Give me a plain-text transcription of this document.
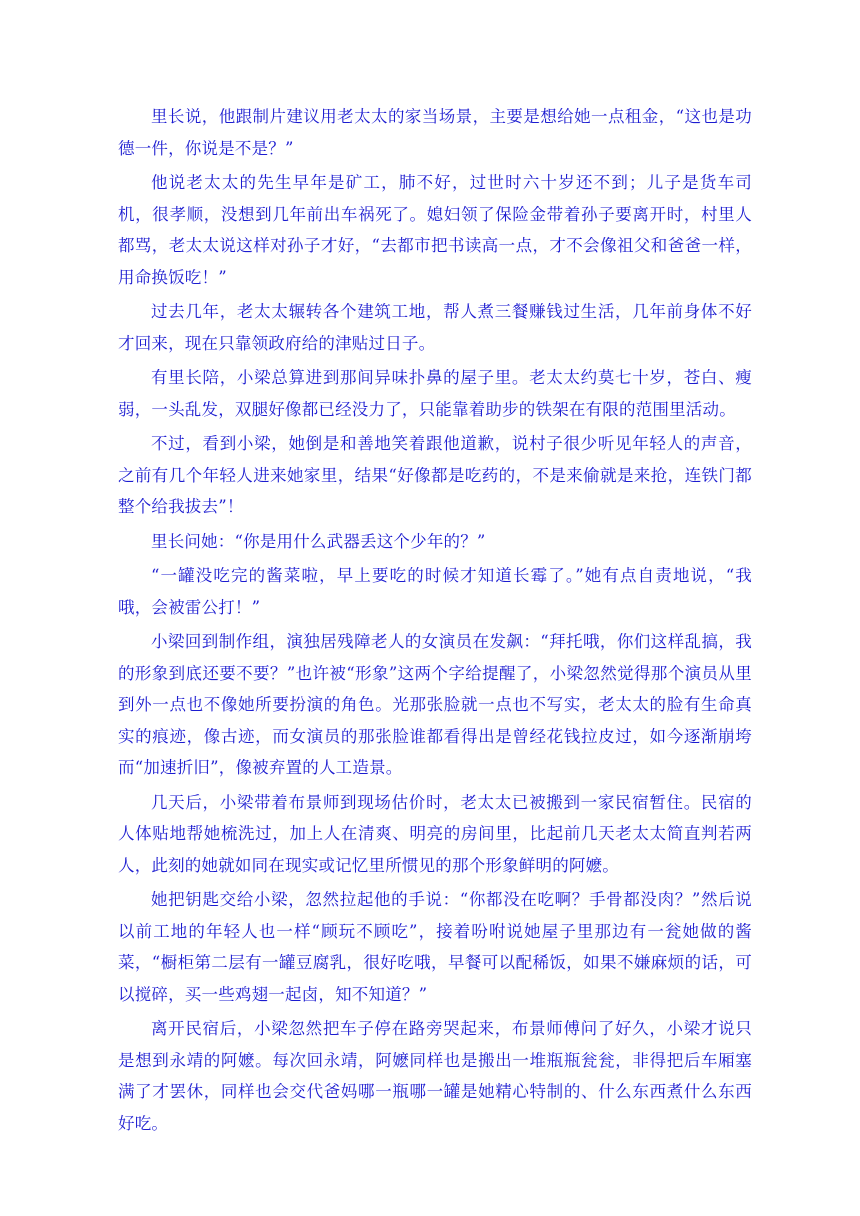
里长说，他跟制片建议用老太太的家当场景，主要是想给她一点租金，“这也是功德一件，你说是不是？”

他说老太太的先生早年是矿工，肺不好，过世时六十岁还不到；儿子是货车司机，很孝顺，没想到几年前出车祸死了。媳妇领了保险金带着孙子要离开时，村里人都骂，老太太说这样对孙子才好，“去都市把书读高一点，才不会像祖父和爸爸一样，用命换饭吃！”

过去几年，老太太辗转各个建筑工地，帮人煮三餐赚钱过生活，几年前身体不好才回来，现在只靠领政府给的津贴过日子。

有里长陪，小梁总算进到那间异味扑鼻的屋子里。老太太约莫七十岁，苍白、瘦弱，一头乱发，双腿好像都已经没力了，只能靠着助步的铁架在有限的范围里活动。

不过，看到小梁，她倒是和善地笑着跟他道歉，说村子很少听见年轻人的声音，之前有几个年轻人进来她家里，结果“好像都是吃药的，不是来偷就是来抢，连铁门都整个给我拔去”！

里长问她：“你是用什么武器丢这个少年的？”

“一罐没吃完的酱菜啦，早上要吃的时候才知道长霉了。”她有点自责地说，“我哦，会被雷公打！”

小梁回到制作组，演独居残障老人的女演员在发飙：“拜托哦，你们这样乱搞，我的形象到底还要不要？”也许被“形象”这两个字给提醒了，小梁忽然觉得那个演员从里到外一点也不像她所要扮演的角色。光那张脸就一点也不写实，老太太的脸有生命真实的痕迹，像古迹，而女演员的那张脸谁都看得出是曾经花钱拉皮过，如今逐渐崩垮而“加速折旧”，像被弃置的人工造景。

几天后，小梁带着布景师到现场估价时，老太太已被搬到一家民宿暂住。民宿的人体贴地帮她梳洗过，加上人在清爽、明亮的房间里，比起前几天老太太简直判若两人，此刻的她就如同在现实或记忆里所惯见的那个形象鲜明的阿嬷。

她把钥匙交给小梁，忽然拉起他的手说：“你都没在吃啊？手骨都没肉？”然后说以前工地的年轻人也一样“顾玩不顾吃”，接着吩咐说她屋子里那边有一瓮她做的酱菜，“橱柜第二层有一罐豆腐乳，很好吃哦，早餐可以配稀饭，如果不嫌麻烦的话，可以搅碎，买一些鸡翅一起卤，知不知道？”

离开民宿后，小梁忽然把车子停在路旁哭起来，布景师傅问了好久，小梁才说只是想到永靖的阿嬷。每次回永靖，阿嬷同样也是搬出一堆瓶瓶瓮瓮，非得把后车厢塞满了才罢休，同样也会交代爸妈哪一瓶哪一罐是她精心特制的、什么东西煮什么东西好吃。
